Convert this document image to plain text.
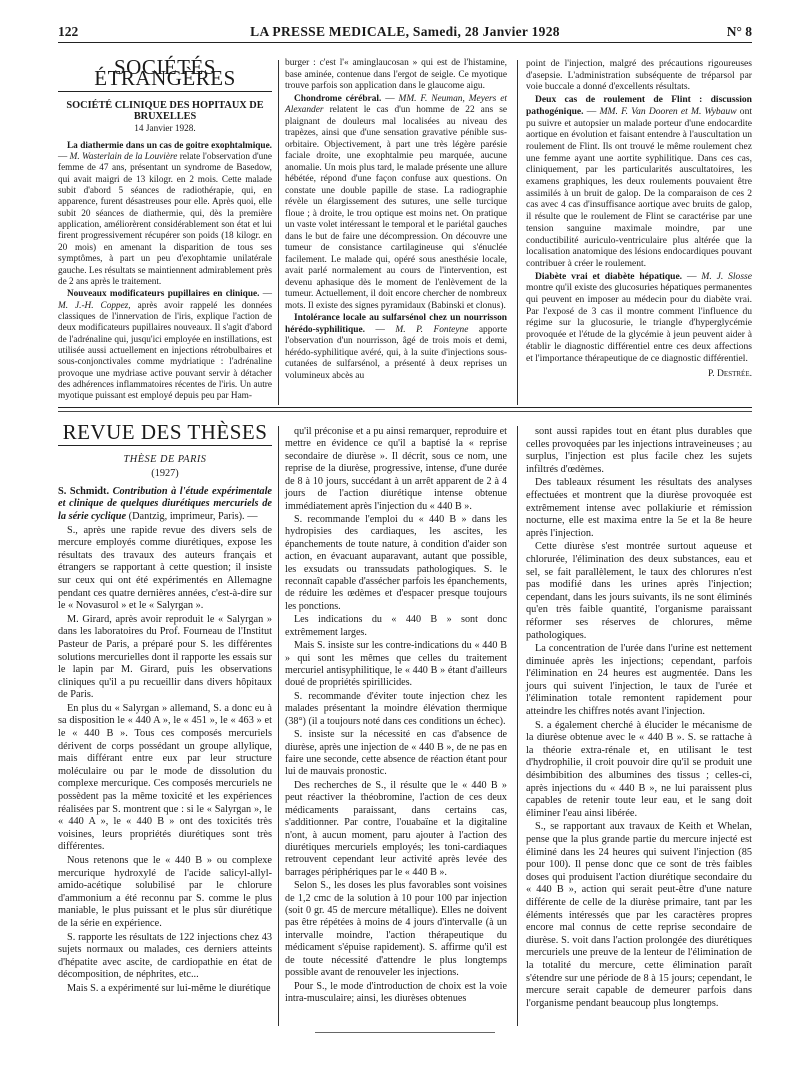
122	LA PRESSE MEDICALE, Samedi, 28 Janvier 1928	N° 8
SOCIÉTÉS ÉTRANGÈRES
SOCIÉTÉ CLINIQUE DES HOPITAUX DE BRUXELLES
14 Janvier 1928.

La diathermie dans un cas de goitre exophtalmique. — M. Wasterlain de la Louvière relate l'observation d'une femme de 47 ans, présentant un syndrome de Basedow, qui avait maigri de 13 kilogr. en 2 mois. Cette malade subit d'abord 5 séances de radiothérapie, qui, en apparence, furent désastreuses pour elle. Après quoi, elle subit 20 séances de diathermie, qui, dès la première application, améliorèrent considérablement son état et lui firent progressivement récupérer son poids (18 kilogr. en 20 mois) en amenant la disparition de tous ses symptômes, à part un peu d'exophtamie unilatérale gauche. Les résultats se maintiennent admirablement près de 2 ans après le traitement.

Nouveaux modificateurs pupillaires en clinique. — M. J.-H. Coppez, après avoir rappelé les données classiques de l'innervation de l'iris, explique l'action de deux modificateurs pupillaires nouveaux. Il s'agit d'abord de l'adrénaline qui, jusqu'ici employée en instillations, est utilisée aussi actuellement en injections rétrobulbaires et sous-conjonctivales comme mydriatique : l'adrénaline provoque une mydriase active pouvant servir à détacher des adhérences inflammatoires récentes de l'iris. Un autre myotique puissant est employé depuis peu par Ham-

burger : c'est l'« aminglaucosan » qui est de l'histamine, base aminée, contenue dans l'ergot de seigle. Ce myotique trouve parfois son application dans le glaucome aigu.

Chondrome cérébral. — MM. F. Neuman, Meyers et Alexander relatent le cas d'un homme de 22 ans se plaignant de douleurs mal localisées au niveau des trapèzes, ainsi que d'une sensation gravative pénible sus-orbitaire. Objectivement, à part une très légère parésie faciale droite, une exophtalmie peu marquée, aucune anomalie. Un mois plus tard, le malade présente une allure hébétée, répond d'une façon confuse aux questions. On constate une double papille de stase. La radiographie révèle un élargissement des sutures, une selle turcique floue ; à droite, le trou optique est moins net. On pratique un vaste volet intéressant le temporal et le pariétal gauches dans le but de faire une décompression. On découvre une tumeur de consistance cartilagineuse qui s'énuclée facilement. Le malade qui, opéré sous anesthésie locale, avait parlé normalement au cours de l'intervention, est devenu aphasique dès le moment de l'enlèvement de la tumeur. Actuellement, il doit encore chercher de nombreux mots. Il existe des signes pyramidaux (Babinski et clonus).

Intolérance locale au sulfarsénol chez un nourrisson hérédo-syphilitique. — M. P. Fonteyne apporte l'observation d'un nourrisson, âgé de trois mois et demi, hérédo-syphilitique avéré, qui, à la suite d'injections sous-cutanées de sulfarsénol, a présenté à deux reprises un volumineux abcès au

point de l'injection, malgré des précautions rigoureuses d'asepsie. L'administration subséquente de tréparsol par voie buccale a donné d'excellents résultats.

Deux cas de roulement de Flint : discussion pathogénique. — MM. F. Van Dooren et M. Wybauw ont pu suivre et autopsier un malade porteur d'une endocardite aortique en évolution et faisant entendre à l'auscultation un roulement de Flint. Ils ont trouvé le même roulement chez une femme ayant une aortite syphilitique. Dans ces cas, cliniquement, par les particularités auscultatoires, les examens graphiques, les deux roulements pouvaient être assimilés à un bruit de galop. De la comparaison de ces 2 cas avec 4 cas d'insuffisance aortique avec bruits de galop, il résulte que le roulement de Flint se caractérise par une tension sanguine maximale moindre, par une conductibilité auriculo-ventriculaire plus altérée que la localisation anatomique des lésions endocardiques pouvant contribuer à créer le roulement.

Diabète vrai et diabète hépatique. — M. J. Slosse montre qu'il existe des glucosuries hépatiques permanentes qui peuvent en imposer au médecin pour du diabète vrai. Par l'exposé de 3 cas il montre comment l'influence du régime sur la glucosurie, le triangle d'hyperglycémie provoquée et l'étude de la glycémie à jeun peuvent aider à établir le diagnostic différentiel entre ces deux affections et l'importance thérapeutique de ce diagnostic différentiel.

P. Destrée.
REVUE DES THÈSES
THÈSE DE PARIS
(1927)

S. Schmidt. Contribution à l'étude expérimentale et clinique de quelques diurétiques mercuriels de la série cyclique (Dantzig, imprimeur, Paris). —

S., après une rapide revue des divers sels de mercure employés comme diurétiques, expose les résultats des travaux des auteurs français et étrangers se rapportant à cette question; il insiste sur ceux qui ont été expérimentés en Allemagne pendant ces quatre dernières années, c'est-à-dire sur le « Novasurol » et le « Salyrgan ».

M. Girard, après avoir reproduit le « Salyrgan » dans les laboratoires du Prof. Fourneau de l'Institut Pasteur de Paris, a préparé pour S. les différentes solutions mercurielles dont il rapporte les essais sur le lapin par M. Girard, puis les observations cliniques qu'il a pu recueillir dans divers hôpitaux de Paris.

En plus du « Salyrgan » allemand, S. a donc eu à sa disposition le « 440 A », le « 451 », le « 463 » et le « 440 B ». Tous ces composés mercuriels dérivent de corps possédant un groupe allylique, mais différant entre eux par leur structure moléculaire ou par le mode de dissolution du complexe mercurique. Ces composés mercuriels ne possèdent pas la même toxicité et les expériences réalisées par S. montrent que : si le « Salyrgan », le « 440 A », le « 440 B » ont des toxicités très voisines, leurs propriétés diurétiques sont très différentes.

Nous retenons que le « 440 B » ou complexe mercurique hydroxylé de l'acide salicyl-allyl-amido-acétique solubilisé par le chlorure d'ammonium a été reconnu par S. comme le plus maniable, le plus puissant et le plus sûr diurétique de la série en expérience.

S. rapporte les résultats de 122 injections chez 43 sujets normaux ou malades, ces derniers atteints d'hépatite avec ascite, de cardiopathie en état de décomposition, de néphrites, etc...

Mais S. a expérimenté sur lui-même le diurétique

qu'il préconise et a pu ainsi remarquer, reproduire et mettre en évidence ce qu'il a baptisé la « reprise secondaire de diurèse ». Il décrit, sous ce nom, une reprise de la diurèse, progressive, intense, d'une durée de 8 à 10 jours, succédant à un arrêt apparent de 2 à 4 jours de l'action diurétique intense obtenue immédiatement après l'injection du « 440 B ».

S. recommande l'emploi du « 440 B » dans les hydropisies des cardiaques, les ascites, les épanchements de toute nature, à condition d'aider son action, en évacuant auparavant, autant que possible, les exsudats ou transsudats pathologiques. S. le reconnaît capable d'assécher parfois les épanchements, de réduire les œdèmes et d'espacer presque toujours les ponctions.

Les indications du « 440 B » sont donc extrêmement larges.

Mais S. insiste sur les contre-indications du « 440 B » qui sont les mêmes que celles du traitement mercuriel antisyphilitique, le « 440 B » étant d'ailleurs doué de propriétés spirillicides.

S. recommande d'éviter toute injection chez les malades présentant la moindre élévation thermique (38°) (il a toujours noté dans ces conditions un échec).

S. insiste sur la nécessité en cas d'absence de diurèse, après une injection de « 440 B », de ne pas en faire une seconde, cette absence de réaction étant pour lui de mauvais pronostic.

Des recherches de S., il résulte que le « 440 B » peut réactiver la théobromine, l'action de ces deux médicaments paraissant, dans certains cas, s'additionner. Par contre, l'ouabaïne et la digitaline n'ont, à aucun moment, paru ajouter à l'action des diurétiques mercuriels employés; les toni-cardiaques retrouvent cependant leur activité après levée des barrages périphériques par le « 440 B ».

Selon S., les doses les plus favorables sont voisines de 1,2 cmc de la solution à 10 pour 100 par injection (soit 0 gr. 45 de mercure métallique). Elles ne doivent pas être répétées à moins de 4 jours d'intervalle (à un intervalle moindre, l'action thérapeutique du médicament s'épuise rapidement). S. affirme qu'il est de toute nécessité d'attendre le plus longtemps possible avant de renouveler les injections.

Pour S., le mode d'introduction de choix est la voie intra-musculaire; ainsi, les diurèses obtenues

sont aussi rapides tout en étant plus durables que celles provoquées par les injections intraveineuses ; au surplus, l'injection est plus facile chez les sujets infiltrés d'œdèmes.

Des tableaux résument les résultats des analyses effectuées et montrent que la diurèse provoquée est extrêmement intense avec pollakiurie et rémission nocturne, elle est maxima entre la 5e et la 8e heure après l'injection.

Cette diurèse s'est montrée surtout aqueuse et chlorurée, l'élimination des deux substances, eau et sel, se fait parallèlement, le taux des chlorures n'est pas modifié dans les urines après l'injection; cependant, dans les jours suivants, ils ne sont éliminés qu'en très faible quantité, l'organisme paraissant réformer ses réserves de chlorures, même pathologiques.

La concentration de l'urée dans l'urine est nettement diminuée après les injections; cependant, parfois l'élimination en 24 heures est augmentée. Dans les jours qui suivent l'injection, le taux de l'urée et l'élimination totale remontent rapidement pour atteindre les chiffres notés avant l'injection.

S. a également cherché à élucider le mécanisme de la diurèse obtenue avec le « 440 B ». S. se rattache à la théorie extra-rénale et, en utilisant le test d'hydrophilie, il croit pouvoir dire qu'il se produit une désimbibition des albumines des tissus ; celles-ci, après injections du « 440 B », ne lui paraissent plus capables de retenir toute leur eau, et le sang doit éliminer l'eau ainsi libérée.

S., se rapportant aux travaux de Keith et Whelan, pense que la plus grande partie du mercure injecté est éliminé dans les 24 heures qui suivent l'injection (85 pour 100). Il pense donc que ce sont de très faibles doses qui produisent l'action diurétique secondaire du « 440 B », action qui serait peut-être d'une nature différente de celle de la diurèse primaire, tant par les éléments intéressés que par les caractères propres encore mal connus de cette reprise secondaire de diurèse. S. voit dans l'action prolongée des diurétiques mercuriels une preuve de la lenteur de l'élimination de la totalité du mercure, cette élimination paraît s'étendre sur une période de 8 à 15 jours; cependant, le mercure serait capable de demeurer parfois dans l'organisme pendant beaucoup plus longtemps.
